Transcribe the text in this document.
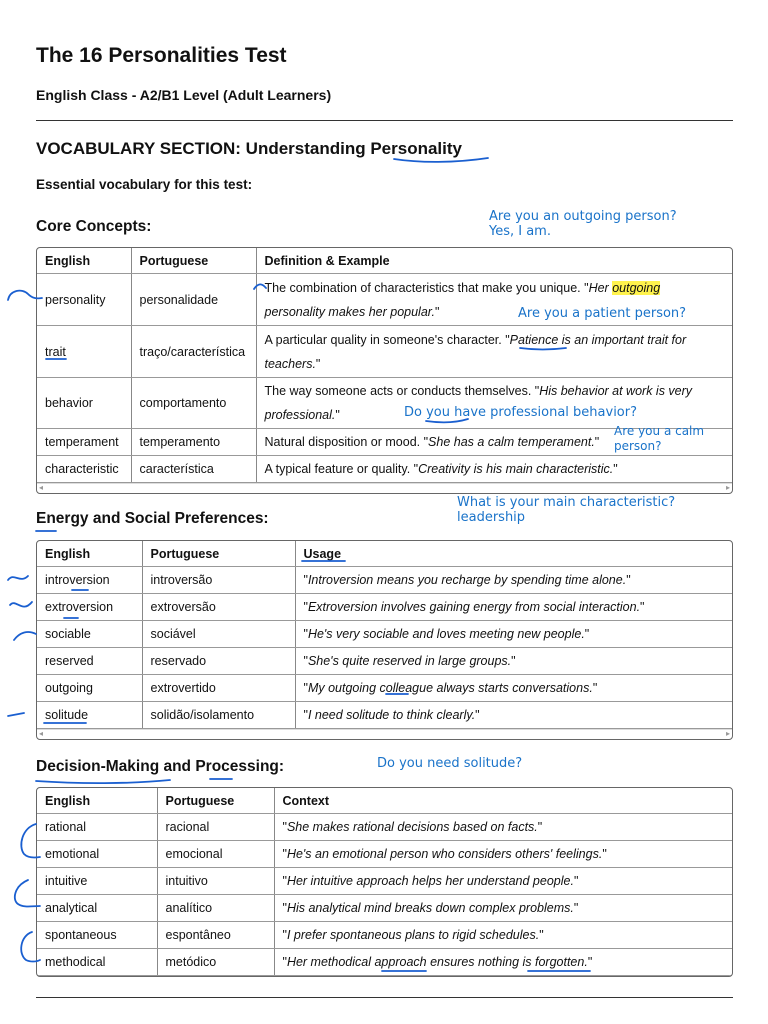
The 16 Personalities Test
English Class - A2/B1 Level (Adult Learners)
VOCABULARY SECTION: Understanding Personality
Essential vocabulary for this test:
Core Concepts:
English	Portuguese	Definition & Example
personality	personalidade	The combination of characteristics that make you unique. "Her outgoing personality makes her popular."
trait	traço/característica	A particular quality in someone's character. "Patience is an important trait for teachers."
behavior	comportamento	The way someone acts or conducts themselves. "His behavior at work is very professional."
temperament	temperamento	Natural disposition or mood. "She has a calm temperament."
characteristic	característica	A typical feature or quality. "Creativity is his main characteristic."
◂	▸
Energy and Social Preferences:
English	Portuguese	Usage
introversion	introversão	"Introversion means you recharge by spending time alone."
extroversion	extroversão	"Extroversion involves gaining energy from social interaction."
sociable	sociável	"He's very sociable and loves meeting new people."
reserved	reservado	"She's quite reserved in large groups."
outgoing	extrovertido	"My outgoing colleague always starts conversations."
solitude	solidão/isolamento	"I need solitude to think clearly."
◂	▸
Decision-Making and Processing:
English	Portuguese	Context
rational	racional	"She makes rational decisions based on facts."
emotional	emocional	"He's an emotional person who considers others' feelings."
intuitive	intuitivo	"Her intuitive approach helps her understand people."
analytical	analítico	"His analytical mind breaks down complex problems."
spontaneous	espontâneo	"I prefer spontaneous plans to rigid schedules."
methodical	metódico	"Her methodical approach ensures nothing is forgotten."
Are you an outgoing person?
Yes, I am.
Are you a patient person?
Do you have professional behavior?
Are you a calm
person?
What is your main characteristic?
leadership
Do you need solitude?
